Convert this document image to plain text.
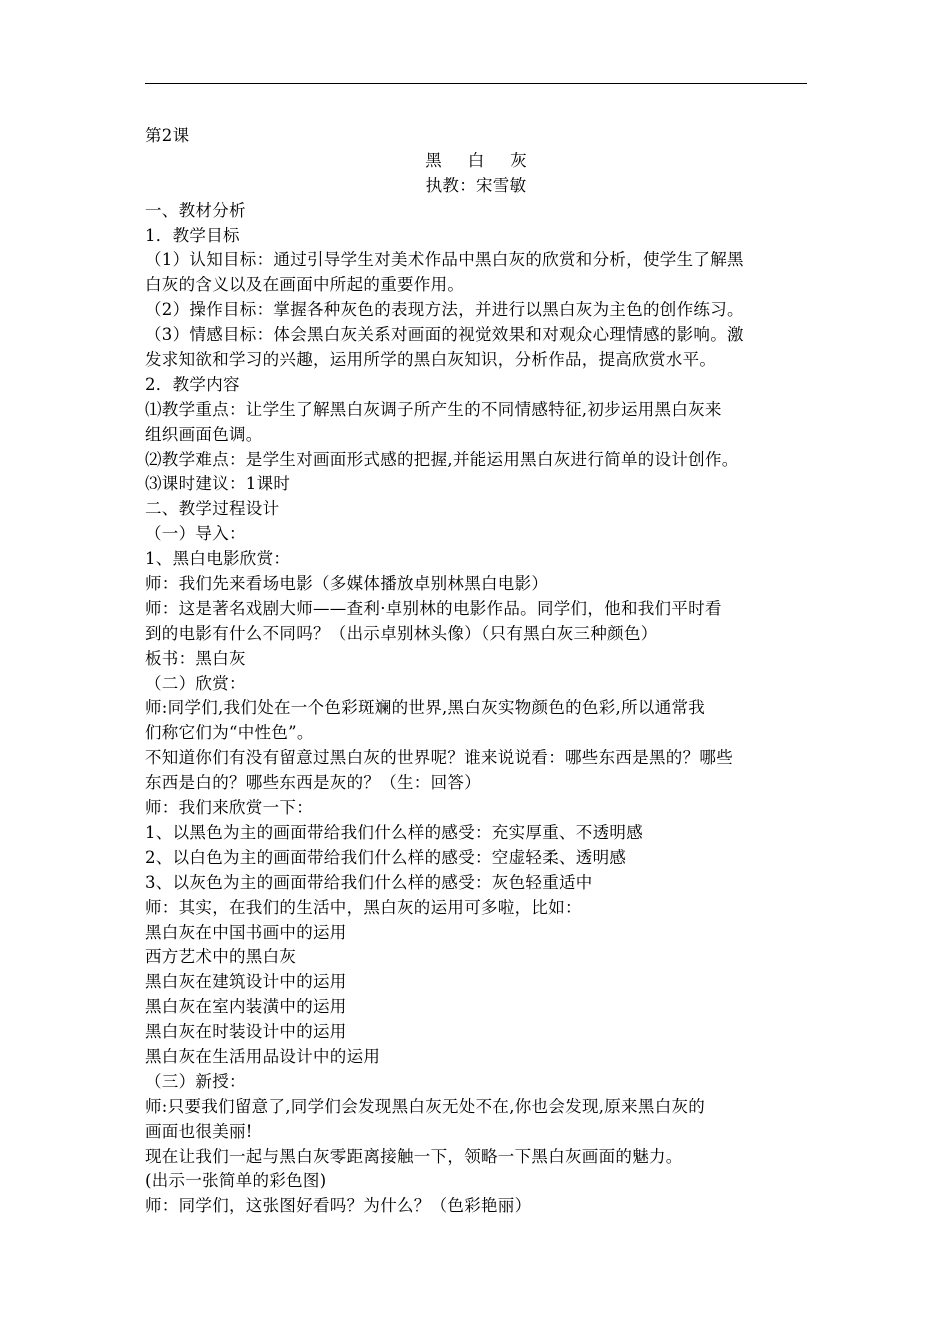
第2课
黑 白 灰
执教：宋雪敏
一、教材分析
1．教学目标
（1）认知目标：通过引导学生对美术作品中黑白灰的欣赏和分析，使学生了解黑
白灰的含义以及在画面中所起的重要作用。
（2）操作目标：掌握各种灰色的表现方法，并进行以黑白灰为主色的创作练习。
（3）情感目标：体会黑白灰关系对画面的视觉效果和对观众心理情感的影响。激
发求知欲和学习的兴趣，运用所学的黑白灰知识，分析作品，提高欣赏水平。
2．教学内容
⑴教学重点：让学生了解黑白灰调子所产生的不同情感特征,初步运用黑白灰来
组织画面色调。
⑵教学难点：是学生对画面形式感的把握,并能运用黑白灰进行简单的设计创作。
⑶课时建议：1课时
二、教学过程设计
（一）导入：
1、黑白电影欣赏：
师：我们先来看场电影（多媒体播放卓别林黑白电影）
师：这是著名戏剧大师——查利·卓别林的电影作品。同学们，他和我们平时看
到的电影有什么不同吗？（出示卓别林头像）（只有黑白灰三种颜色）
板书：黑白灰
（二）欣赏：
师:同学们,我们处在一个色彩斑斓的世界,黑白灰实物颜色的色彩,所以通常我
们称它们为“中性色”。
不知道你们有没有留意过黑白灰的世界呢？谁来说说看：哪些东西是黑的？哪些
东西是白的？哪些东西是灰的？（生：回答）
师：我们来欣赏一下：
1、以黑色为主的画面带给我们什么样的感受：充实厚重、不透明感
2、以白色为主的画面带给我们什么样的感受：空虚轻柔、透明感
3、以灰色为主的画面带给我们什么样的感受：灰色轻重适中
师：其实，在我们的生活中，黑白灰的运用可多啦，比如：
黑白灰在中国书画中的运用
西方艺术中的黑白灰
黑白灰在建筑设计中的运用
黑白灰在室内装潢中的运用
黑白灰在时装设计中的运用
黑白灰在生活用品设计中的运用
（三）新授：
师:只要我们留意了,同学们会发现黑白灰无处不在,你也会发现,原来黑白灰的
画面也很美丽!
现在让我们一起与黑白灰零距离接触一下，领略一下黑白灰画面的魅力。
(出示一张简单的彩色图)
师：同学们，这张图好看吗？为什么？（色彩艳丽）
